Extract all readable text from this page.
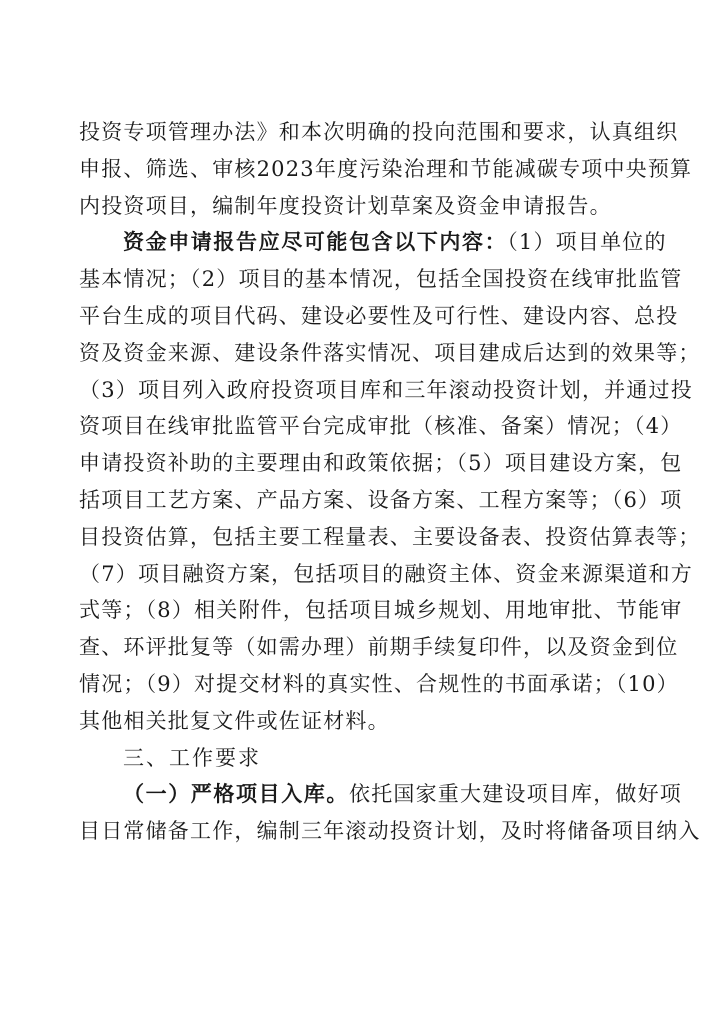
投资专项管理办法》和本次明确的投向范围和要求，认真组织
申报、筛选、审核2023年度污染治理和节能减碳专项中央预算
内投资项目，编制年度投资计划草案及资金申请报告。
资金申请报告应尽可能包含以下内容：（1）项目单位的
基本情况；（2）项目的基本情况，包括全国投资在线审批监管
平台生成的项目代码、建设必要性及可行性、建设内容、总投
资及资金来源、建设条件落实情况、项目建成后达到的效果等；
（3）项目列入政府投资项目库和三年滚动投资计划，并通过投
资项目在线审批监管平台完成审批（核准、备案）情况；（4）
申请投资补助的主要理由和政策依据；（5）项目建设方案，包
括项目工艺方案、产品方案、设备方案、工程方案等；（6）项
目投资估算，包括主要工程量表、主要设备表、投资估算表等；
（7）项目融资方案，包括项目的融资主体、资金来源渠道和方
式等；（8）相关附件，包括项目城乡规划、用地审批、节能审
查、环评批复等（如需办理）前期手续复印件，以及资金到位
情况；（9）对提交材料的真实性、合规性的书面承诺；（10）
其他相关批复文件或佐证材料。
三、工作要求
（一）严格项目入库。依托国家重大建设项目库，做好项
目日常储备工作，编制三年滚动投资计划，及时将储备项目纳入
